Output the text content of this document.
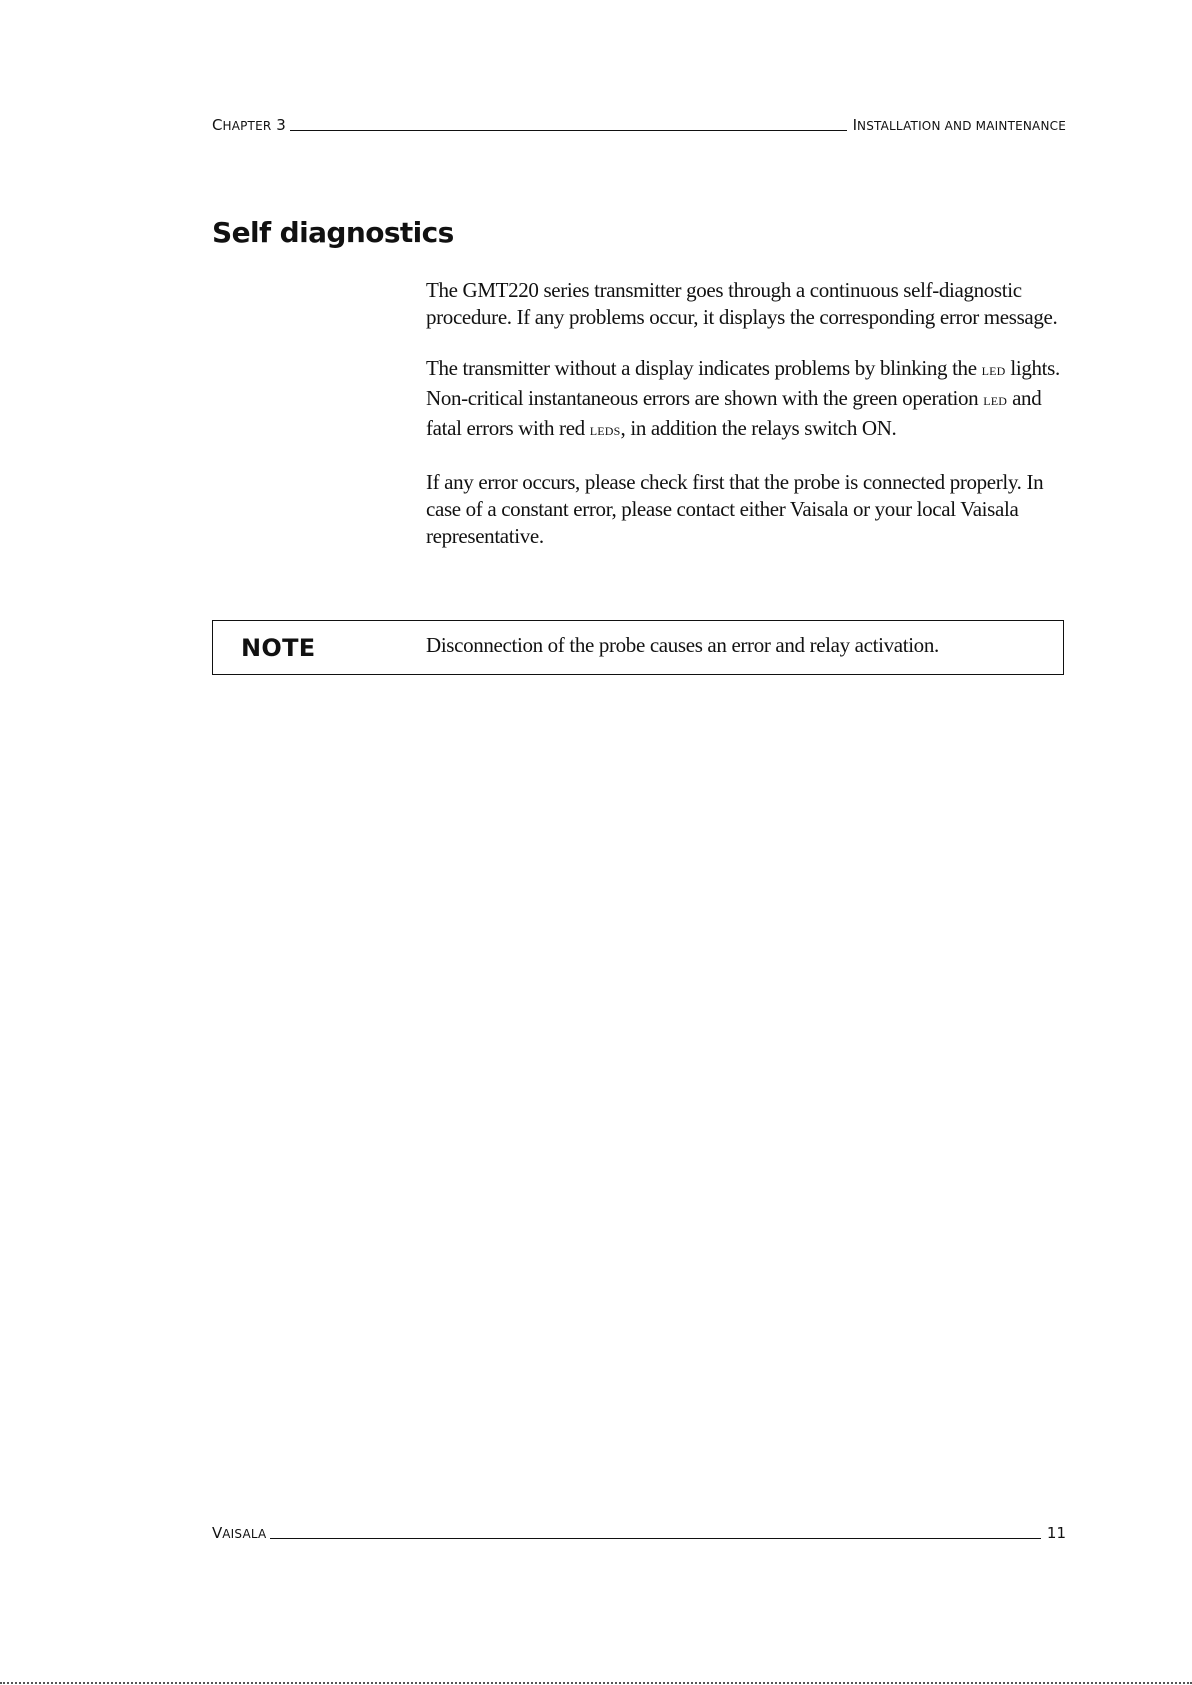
CHAPTER 3	INSTALLATION AND MAINTENANCE
Self diagnostics

The GMT220 series transmitter goes through a continuous self-diagnostic procedure. If any problems occur, it displays the corresponding error message.

The transmitter without a display indicates problems by blinking the LED lights. Non-critical instantaneous errors are shown with the green operation LED and fatal errors with red LEDS, in addition the relays switch ON.

If any error occurs, please check first that the probe is connected properly. In case of a constant error, please contact either Vaisala or your local Vaisala representative.

NOTE	Disconnection of the probe causes an error and relay activation.
VAISALA	11
